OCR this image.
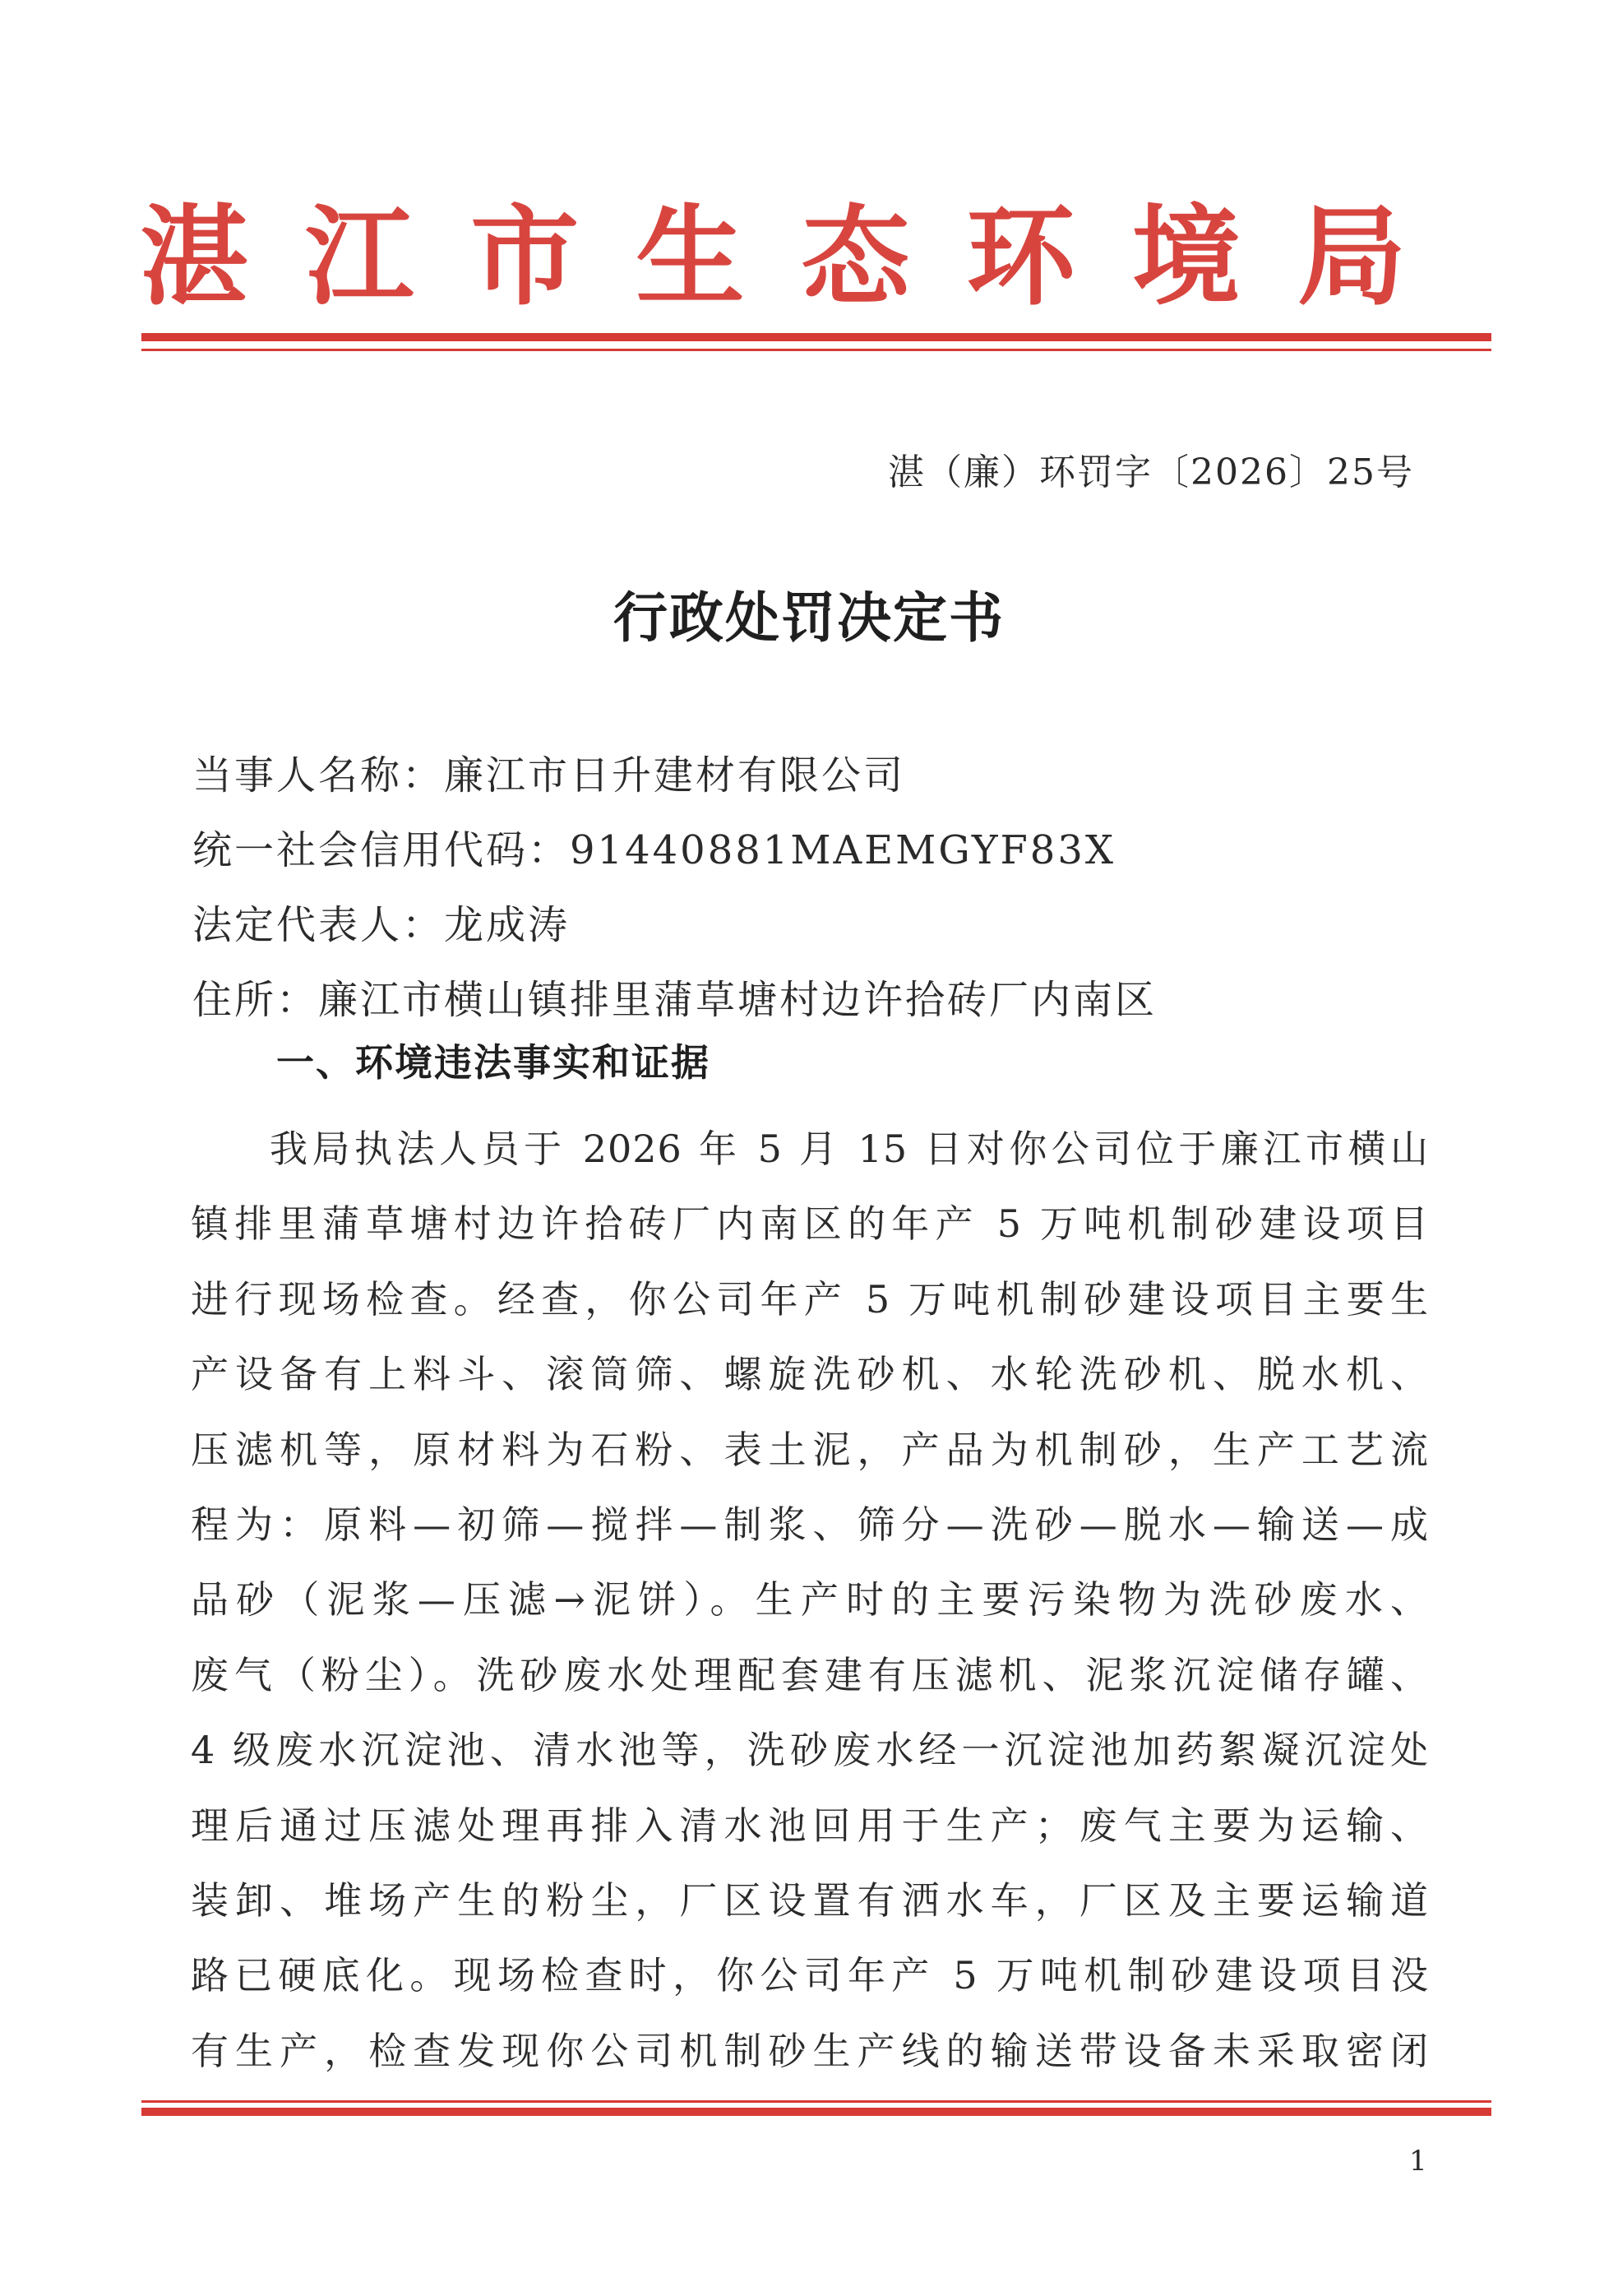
湛 江 市 生 态 环 境 局
湛（廉）环罚字〔2026〕25号
行政处罚决定书
当事人名称：廉江市日升建材有限公司
统一社会信用代码：91440881MAEMGYF83X
法定代表人：龙成涛
住所：廉江市横山镇排里蒲草塘村边许拾砖厂内南区
一、环境违法事实和证据
我局执法人员于 2026 年 5 月 15 日对你公司位于廉江市横山
镇排里蒲草塘村边许拾砖厂内南区的年产 5 万吨机制砂建设项目
进行现场检查。经查，你公司年产 5 万吨机制砂建设项目主要生
产设备有上料斗、滚筒筛、螺旋洗砂机、水轮洗砂机、脱水机、
压滤机等，原材料为石粉、表土泥，产品为机制砂，生产工艺流
程为：原料—初筛—搅拌—制浆、筛分—洗砂—脱水—输送—成
品砂（泥浆—压滤→泥饼）。生产时的主要污染物为洗砂废水、
废气（粉尘）。洗砂废水处理配套建有压滤机、泥浆沉淀储存罐、
4 级废水沉淀池、清水池等，洗砂废水经一沉淀池加药絮凝沉淀处
理后通过压滤处理再排入清水池回用于生产；废气主要为运输、
装卸、堆场产生的粉尘，厂区设置有洒水车，厂区及主要运输道
路已硬底化。现场检查时，你公司年产 5 万吨机制砂建设项目没
有生产，检查发现你公司机制砂生产线的输送带设备未采取密闭
1
